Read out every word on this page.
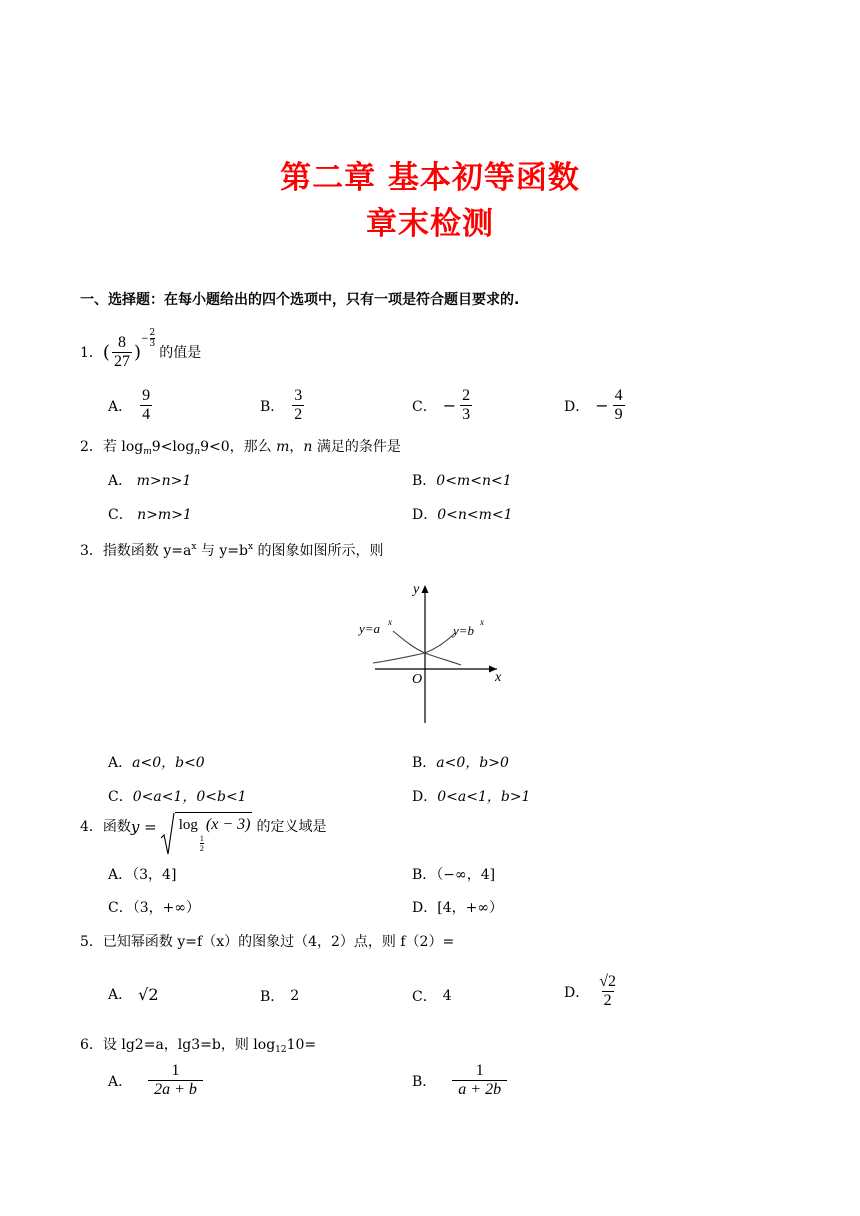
第二章 基本初等函数
章末检测
一、选择题：在每小题给出的四个选项中，只有一项是符合题目要求的.
1． ( $\frac{8}{27}$ )
− $\frac{2}{3}$
的值是
A． $\frac{9}{4}$	B． $\frac{3}{2}$	C． − $\frac{2}{3}$	D． − $\frac{4}{9}$
2．若 $\log_m9<\log_n9<0$，那么 m，n 满足的条件是
A． m>n>1	B．0<m<n<1
C． n>m>1	D．0<n<m<1
3．指数函数 $y=a^x$ 与 $y=b^x$ 的图象如图所示，则
y
x
O
y=a x
y=b
x
A．a<0，b<0	B．a<0，b>0
C．0<a<1，0<b<1	D．0<a<1，b>1
4． 函数 y =	log
$\frac{1}{2}$
(x − 3) 的定义域是
A．（3，4]	B．（−∞，4]
C．（3，+∞）	D．[4，+∞）
5．已知幂函数 y=f（x）的图象过（4，2）点，则 f（2）=
A． √2	B． 2	C． 4	D． $\frac{√2}{2}$
6．设 lg2=a，lg3=b，则 $\log_{12}10=$
A． $\frac{1}{2a + b}$	B． $\frac{1}{a + 2b}$
